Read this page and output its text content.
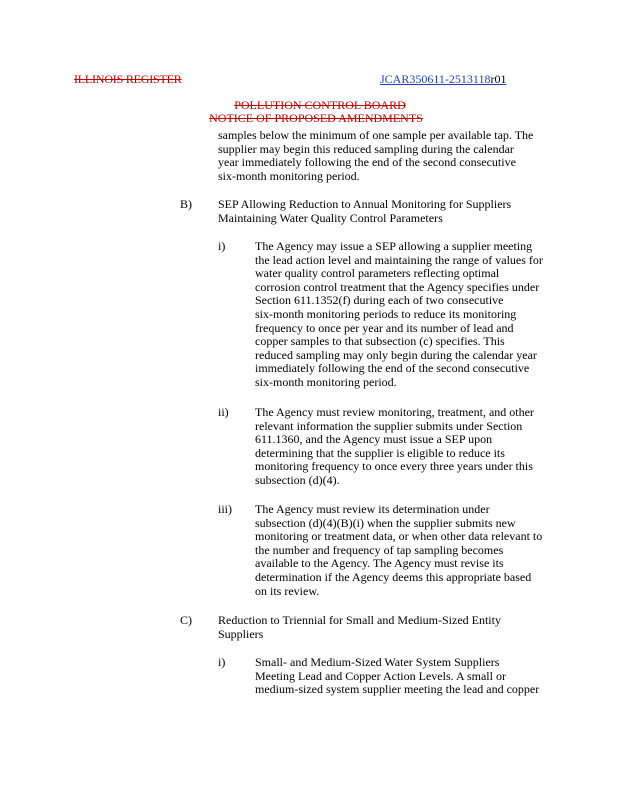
ILLINOIS REGISTER	JCAR350611-2513118r01
POLLUTION CONTROL BOARD
NOTICE OF PROPOSED AMENDMENTS
samples below the minimum of one sample per available tap. The
supplier may begin this reduced sampling during the calendar
year immediately following the end of the second consecutive
six-month monitoring period.
B) SEP Allowing Reduction to Annual Monitoring for Suppliers
Maintaining Water Quality Control Parameters
i) The Agency may issue a SEP allowing a supplier meeting
the lead action level and maintaining the range of values for
water quality control parameters reflecting optimal
corrosion control treatment that the Agency specifies under
Section 611.1352(f) during each of two consecutive
six-month monitoring periods to reduce its monitoring
frequency to once per year and its number of lead and
copper samples to that subsection (c) specifies. This
reduced sampling may only begin during the calendar year
immediately following the end of the second consecutive
six-month monitoring period.
ii) The Agency must review monitoring, treatment, and other
relevant information the supplier submits under Section
611.1360, and the Agency must issue a SEP upon
determining that the supplier is eligible to reduce its
monitoring frequency to once every three years under this
subsection (d)(4).
iii) The Agency must review its determination under
subsection (d)(4)(B)(i) when the supplier submits new
monitoring or treatment data, or when other data relevant to
the number and frequency of tap sampling becomes
available to the Agency. The Agency must revise its
determination if the Agency deems this appropriate based
on its review.
C) Reduction to Triennial for Small and Medium-Sized Entity
Suppliers
i) Small- and Medium-Sized Water System Suppliers
Meeting Lead and Copper Action Levels. A small or
medium-sized system supplier meeting the lead and copper
